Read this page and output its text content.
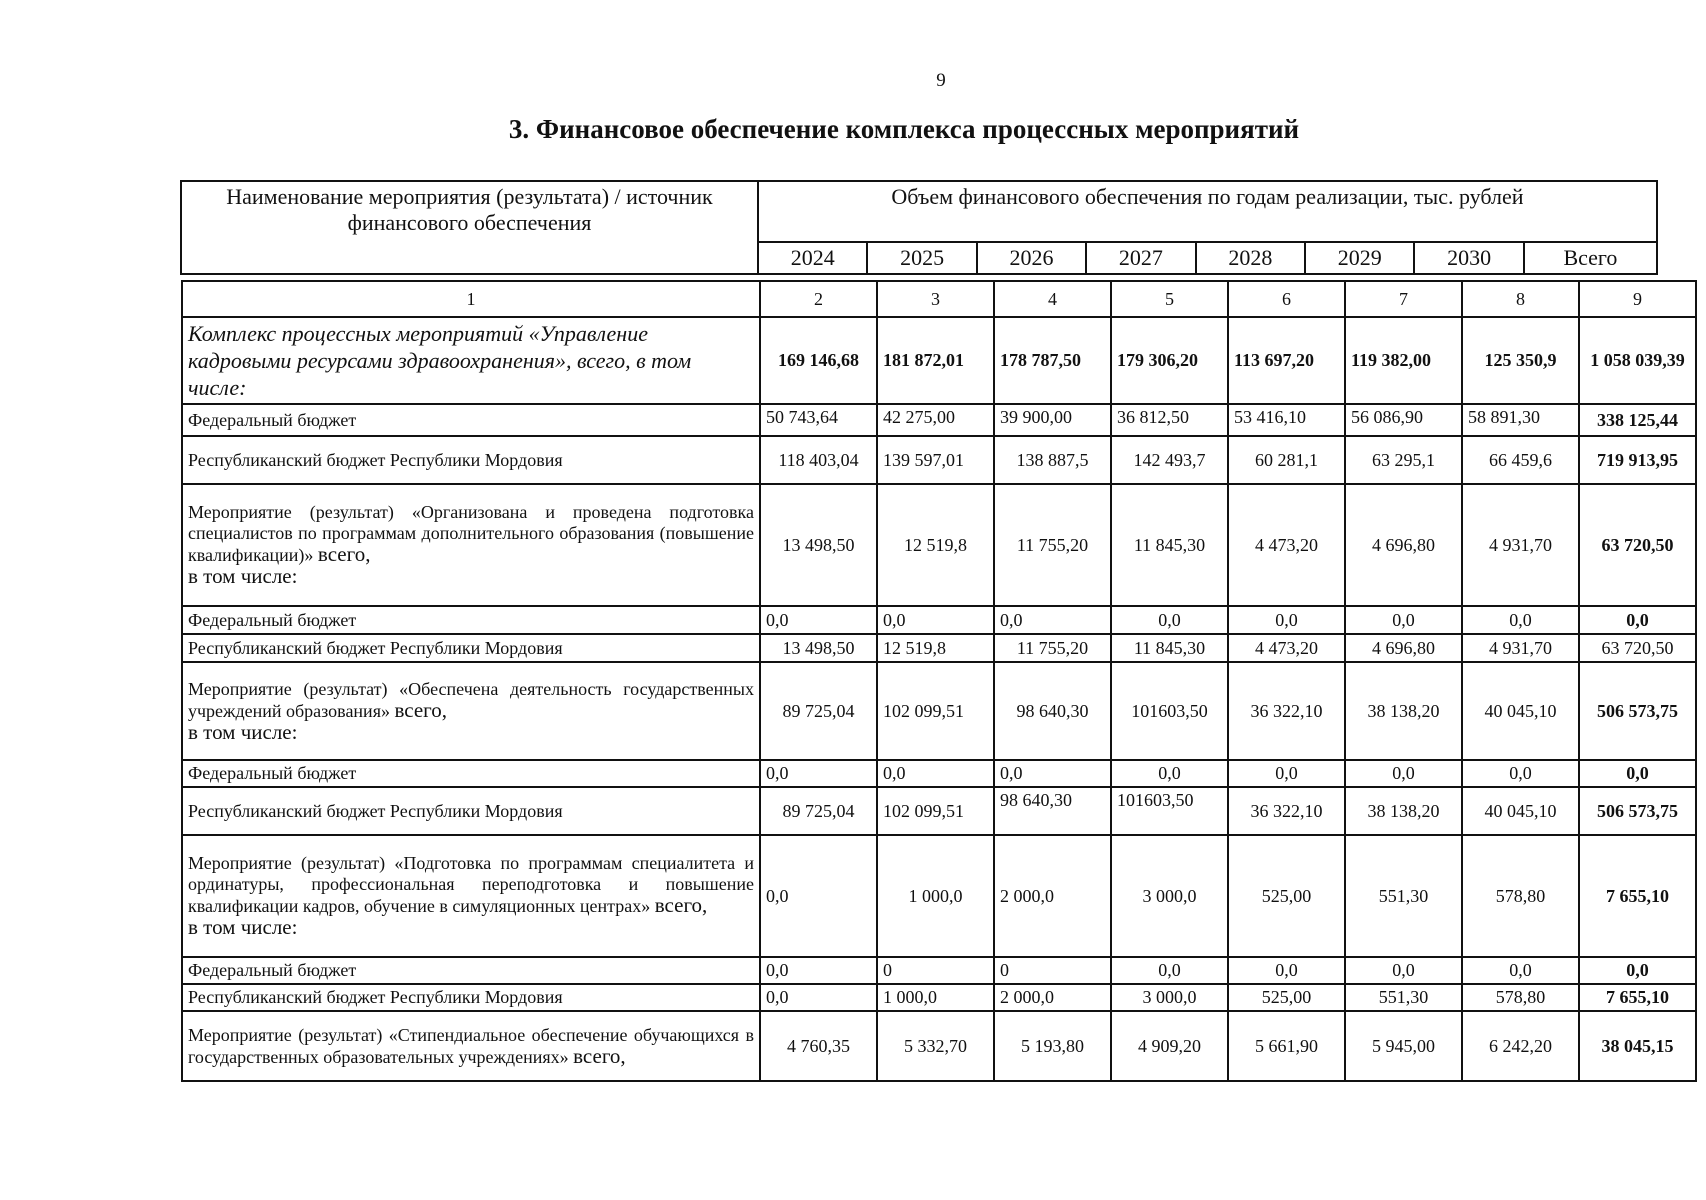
9
3. Финансовое обеспечение комплекса процессных мероприятий
Наименование мероприятия (результата) / источник финансового обеспечения	Объем финансового обеспечения по годам реализации, тыс. рублей							
	2024	2025	2026	2027	2028	2029	2030	Всего
1	2	3	4	5	6	7	8	9
Комплекс процессных мероприятий «Управление кадровыми ресурсами здравоохранения», всего, в том числе:	169 146,68	181 872,01	178 787,50	179 306,20	113 697,20	119 382,00	125 350,9	1 058 039,39
Федеральный бюджет	50 743,64	42 275,00	39 900,00	36 812,50	53 416,10	56 086,90	58 891,30	338 125,44
Республиканский бюджет Республики Мордовия	118 403,04	139 597,01	138 887,5	142 493,7	60 281,1	63 295,1	66 459,6	719 913,95
Мероприятие (результат) «Организована и проведена подготовка специалистов по программам дополнительного образования (повышение квалификации)» всего,
в том числе:	13 498,50	12 519,8	11 755,20	11 845,30	4 473,20	4 696,80	4 931,70	63 720,50
Федеральный бюджет	0,0	0,0	0,0	0,0	0,0	0,0	0,0	0,0
Республиканский бюджет Республики Мордовия	13 498,50	12 519,8	11 755,20	11 845,30	4 473,20	4 696,80	4 931,70	63 720,50
Мероприятие (результат) «Обеспечена деятельность государственных учреждений образования» всего,
в том числе:	89 725,04	102 099,51	98 640,30	101603,50	36 322,10	38 138,20	40 045,10	506 573,75
Федеральный бюджет	0,0	0,0	0,0	0,0	0,0	0,0	0,0	0,0
Республиканский бюджет Республики Мордовия	89 725,04	102 099,51	98 640,30	101603,50	36 322,10	38 138,20	40 045,10	506 573,75
Мероприятие (результат) «Подготовка по программам специалитета и ординатуры, профессиональная переподготовка и повышение квалификации кадров, обучение в симуляционных центрах» всего,
в том числе:	0,0	1 000,0	2 000,0	3 000,0	525,00	551,30	578,80	7 655,10
Федеральный бюджет	0,0	0	0	0,0	0,0	0,0	0,0	0,0
Республиканский бюджет Республики Мордовия	0,0	1 000,0	2 000,0	3 000,0	525,00	551,30	578,80	7 655,10
Мероприятие (результат) «Стипендиальное обеспечение обучающихся в государственных образовательных учреждениях» всего,	4 760,35	5 332,70	5 193,80	4 909,20	5 661,90	5 945,00	6 242,20	38 045,15
